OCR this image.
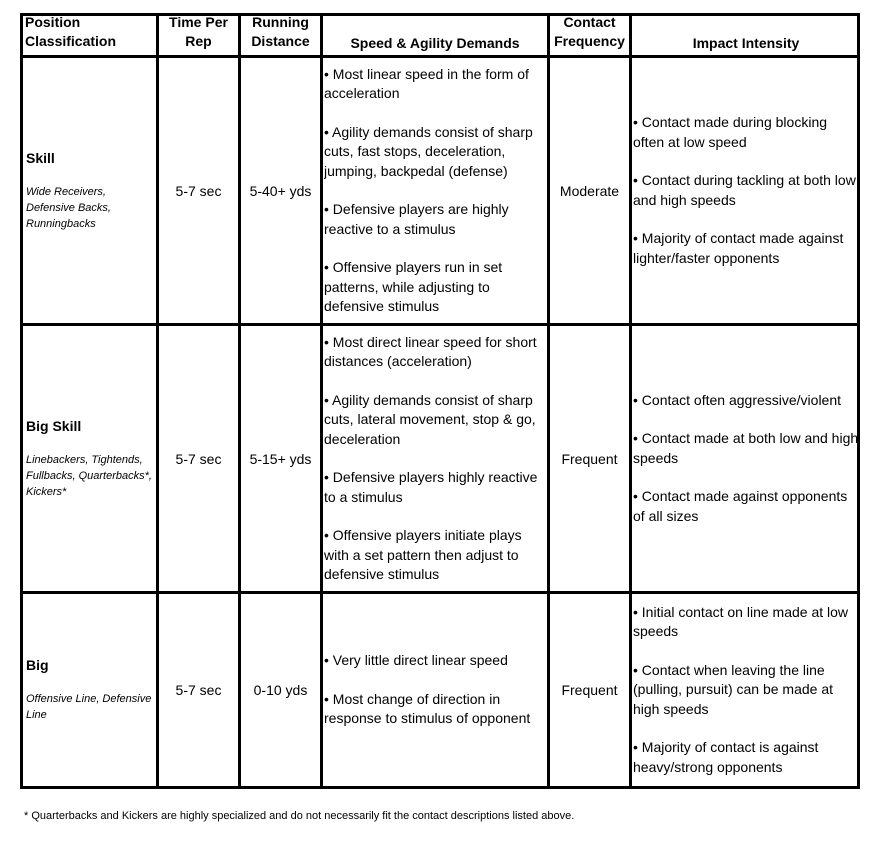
Position
Classification
Time Per
Rep
Running
Distance	Speed & Agility Demands
Contact
Frequency	Impact Intensity
Skill
Wide Receivers, Defensive Backs, Runningbacks
5-7 sec 5-40+ yds

• Most linear speed in the form of acceleration

• Agility demands consist of sharp cuts, fast stops, deceleration, jumping, backpedal (defense)

• Defensive players are highly reactive to a stimulus

• Offensive players run in set patterns, while adjusting to defensive stimulus

Moderate

• Contact made during blocking often at low speed

• Contact during tackling at both low and high speeds

• Majority of contact made against lighter/faster opponents

Big Skill
Linebackers, Tightends, Fullbacks, Quarterbacks*, Kickers*
5-7 sec 5-15+ yds

• Most direct linear speed for short distances (acceleration)

• Agility demands consist of sharp cuts, lateral movement, stop & go, deceleration

• Defensive players highly reactive to a stimulus

• Offensive players initiate plays with a set pattern then adjust to defensive stimulus

Frequent

• Contact often aggressive/violent

• Contact made at both low and high speeds

• Contact made against opponents of all sizes

Big
Offensive Line, Defensive Line
5-7 sec 0-10 yds

• Very little direct linear speed

• Most change of direction in response to stimulus of opponent

Frequent

• Initial contact on line made at low speeds

• Contact when leaving the line (pulling, pursuit) can be made at high speeds

• Majority of contact is against heavy/strong opponents

* Quarterbacks and Kickers are highly specialized and do not necessarily fit the contact descriptions listed above.
